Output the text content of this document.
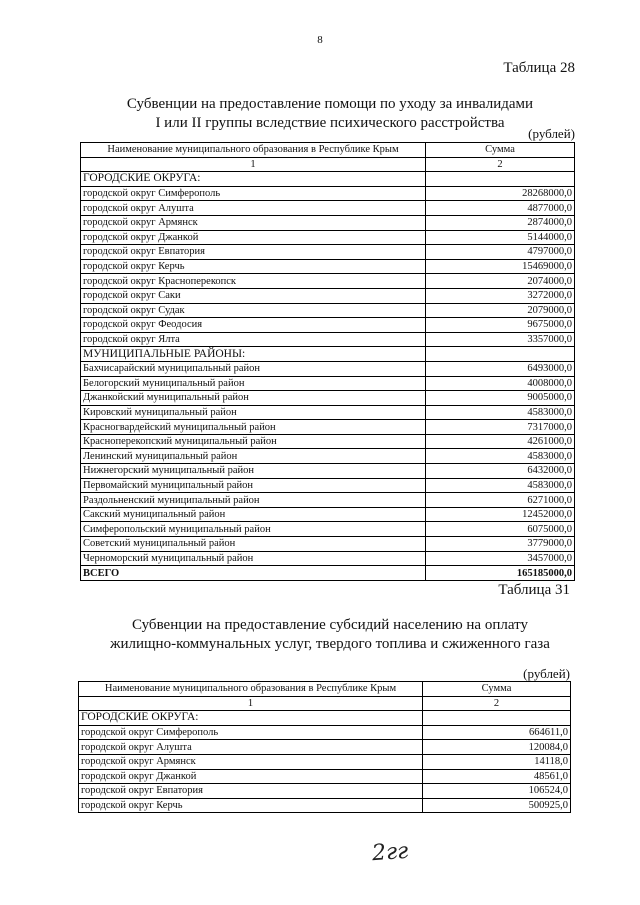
8
Таблица 28
Субвенции на предоставление помощи по уходу за инвалидами
I или II группы вследствие психического расстройства
(рублей)
Наименование муниципального образования в Республике Крым	Сумма
1	2
ГОРОДСКИЕ ОКРУГА:	
городской округ Симферополь	28268000,0
городской округ Алушта	4877000,0
городской округ Армянск	2874000,0
городской округ Джанкой	5144000,0
городской округ Евпатория	4797000,0
городской округ Керчь	15469000,0
городской округ Красноперекопск	2074000,0
городской округ Саки	3272000,0
городской округ Судак	2079000,0
городской округ Феодосия	9675000,0
городской округ Ялта	3357000,0
МУНИЦИПАЛЬНЫЕ РАЙОНЫ:	
Бахчисарайский муниципальный район	6493000,0
Белогорский муниципальный район	4008000,0
Джанкойский муниципальный район	9005000,0
Кировский муниципальный район	4583000,0
Красногвардейский муниципальный район	7317000,0
Красноперекопский муниципальный район	4261000,0
Ленинский муниципальный район	4583000,0
Нижнегорский муниципальный район	6432000,0
Первомайский муниципальный район	4583000,0
Раздольненский муниципальный район	6271000,0
Сакский муниципальный район	12452000,0
Симферопольский муниципальный район	6075000,0
Советский муниципальный район	3779000,0
Черноморский муниципальный район	3457000,0
ВСЕГО	165185000,0
Таблица 31
Субвенции на предоставление субсидий населению на оплату
жилищно-коммунальных услуг, твердого топлива и сжиженного газа
(рублей)
Наименование муниципального образования в Республике Крым	Сумма
1	2
ГОРОДСКИЕ ОКРУГА:	
городской округ Симферополь	664611,0
городской округ Алушта	120084,0
городской округ Армянск	14118,0
городской округ Джанкой	48561,0
городской округ Евпатория	106524,0
городской округ Керчь	500925,0
2гг
